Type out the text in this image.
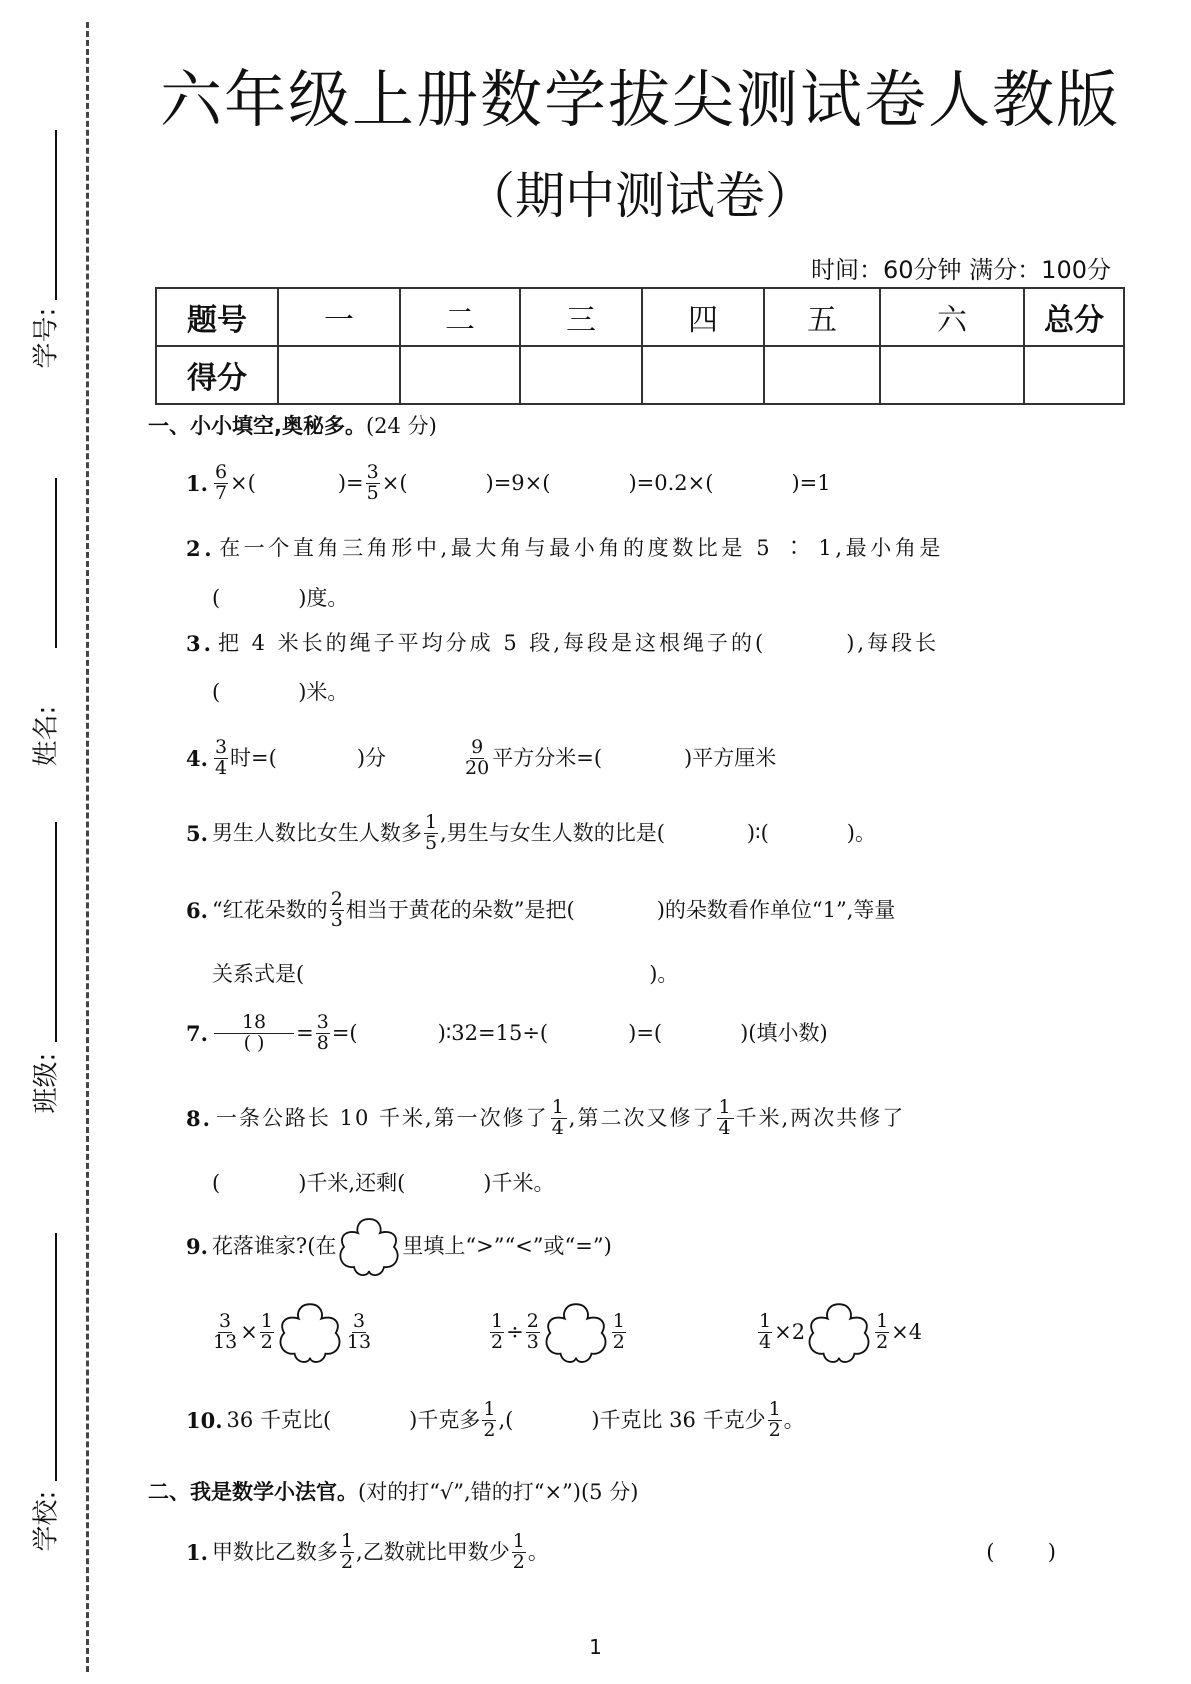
学号:
姓名:
班级:
学校:
六年级上册数学拔尖测试卷人教版
（期中测试卷）
时间：60分钟 满分：100分
题号	一	二	三	四	五	六	总分
得分							
一、小小填空,奥秘多。(24 分)
1. $\frac{6}{7}$ ×(	)= $\frac{3}{5}$ ×(	)=9×(	)=0.2×(	)=1
2. 在一个直角三角形中,最大角与最小角的度数比是 5 ∶ 1,最小角是
(	)度。
3. 把 4 米长的绳子平均分成 5 段,每段是这根绳子的(	),每段长
(	)米。
4. $\frac{3}{4}$ 时=(	)分	$\frac{9}{20}$ 平方分米=(	)平方厘米
5. 男生人数比女生人数多 $\frac{1}{5}$ ,男生与女生人数的比是(	)∶(	)。
6. “红花朵数的 $\frac{2}{3}$ 相当于黄花的朵数”是把(	)的朵数看作单位“1”,等量
关系式是(	)。
7. $\frac{18}{( )} = \frac{3}{8}$ =(	)∶32=15÷(	)=(	)(填小数)
8. 一条公路长 10 千米,第一次修了 $\frac{1}{4}$ ,第二次又修了 $\frac{1}{4}$ 千米,两次共修了
(	)千米,还剩(	)千米。
9. 花落谁家?(在	里填上“>”“<”或“=”)
$\frac{3}{13} \times \frac{1}{2}$	$\frac{3}{13}$	$\frac{1}{2} \div \frac{2}{3}$	$\frac{1}{2}$	$\frac{1}{4} \times 2$	$\frac{1}{2} \times 4$
10. 36 千克比(	)千克多 $\frac{1}{2}$ ,(	)千克比 36 千克少 $\frac{1}{2}$ 。
二、我是数学小法官。(对的打“√”,错的打“×”)(5 分)
1. 甲数比乙数多 $\frac{1}{2}$ ,乙数就比甲数少 $\frac{1}{2}$ 。	(        )
1
